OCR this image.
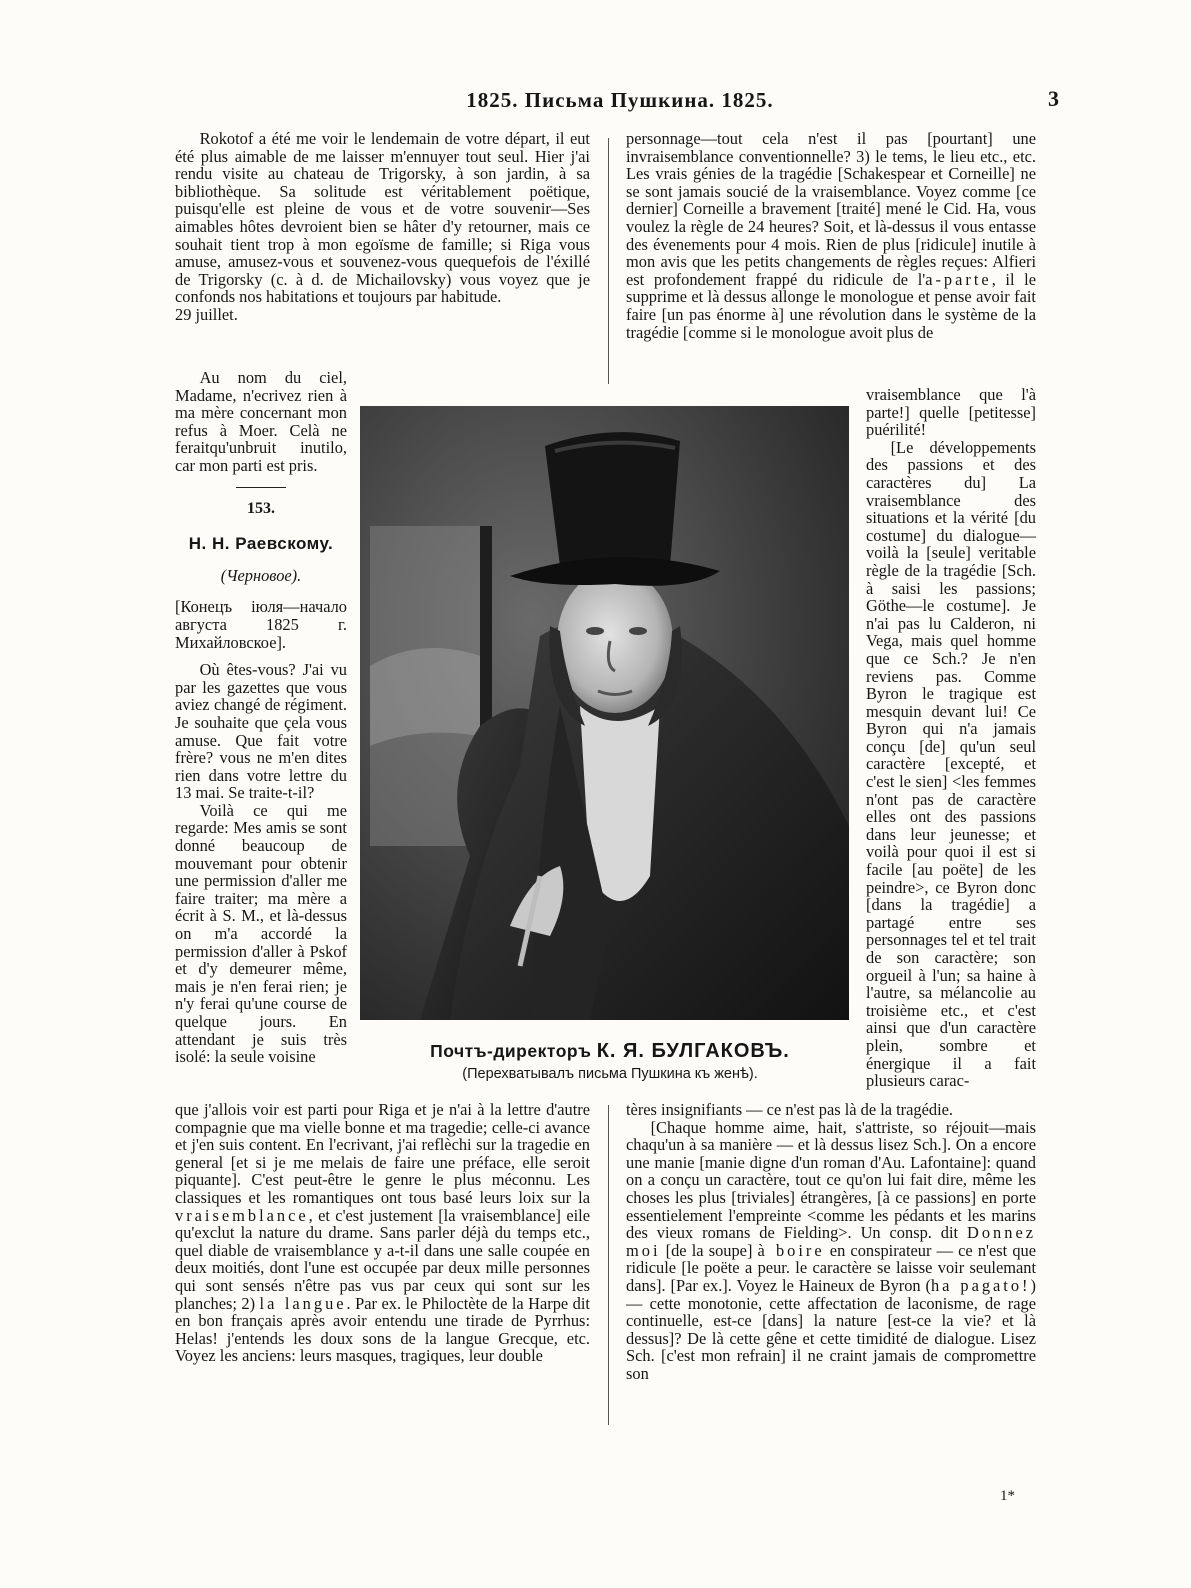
1825. Письма Пушкина. 1825.	3

Rokotof a été me voir le lendemain de votre départ, il eut été plus aimable de me laisser m'ennuyer tout seul. Hier j'ai rendu visite au chateau de Trigorsky, à son jardin, à sa bibliothèque. Sa solitude est véritablement poëtique, puisqu'elle est pleine de vous et de votre souvenir—Ses aimables hôtes devroient bien se hâter d'y retourner, mais ce souhait tient trop à mon egoïsme de famille; si Riga vous amuse, amusez-vous et souvenez-vous quequefois de l'éxillé de Trigorsky (c. à d. de Michailovsky) vous voyez que je confonds nos habitations et toujours par habitude.

29 juillet.

Au nom du ciel, Madame, n'ecrivez rien à ma mère concernant mon refus à Moer. Celà ne feraitqu'unbruit inutilo, car mon parti est pris.

153.
Н. Н. Раевскому.
(Черновое).

[Конецъ іюля—начало августа 1825 г. Михайловское].

Où êtes-vous? J'ai vu par les gazettes que vous aviez changé de régiment. Je souhaite que çela vous amuse. Que fait votre frère? vous ne m'en dites rien dans votre lettre du 13 mai. Se traite-t-il?

Voilà ce qui me regarde: Mes amis se sont donné beaucoup de mouvemant pour obtenir une permission d'aller me faire traiter; ma mère a écrit à S. M., et là-dessus on m'a accordé la permission d'aller à Pskof et d'y demeurer même, mais je n'en ferai rien; je n'y ferai qu'une course de quelque jours. En attendant je suis très isolé: la seule voisine

personnage—tout cela n'est il pas [pourtant] une invraisemblance conventionnelle? 3) le tems, le lieu etc., etc. Les vrais génies de la tragédie [Schakespear et Corneille] ne se sont jamais soucié de la vraisemblance. Voyez comme [ce dernier] Corneille a bravement [traité] mené le Cid. Ha, vous voulez la règle de 24 heures? Soit, et là-dessus il vous entasse des évenements pour 4 mois. Rien de plus [ridicule] inutile à mon avis que les petits changements de règles reçues: Alfieri est profondement frappé du ridicule de l'a-parte, il le supprime et là dessus allonge le monologue et pense avoir fait faire [un pas énorme à] une révolution dans le système de la tragédie [comme si le monologue avoit plus de

vraisemblance que l'à parte!] quelle [petitesse] puérilité!

[Le développements des passions et des caractères du] La vraisemblance des situations et la vérité [du costume] du dialogue—voilà la [seule] veritable règle de la tragédie [Sch. à saisi les passions; Göthe—le costume]. Je n'ai pas lu Calderon, ni Vega, mais quel homme que ce Sch.? Je n'en reviens pas. Comme Byron le tragique est mesquin devant lui! Ce Byron qui n'a jamais conçu [de] qu'un seul caractère [excepté, et c'est le sien] <les femmes n'ont pas de caractère elles ont des passions dans leur jeunesse; et voilà pour quoi il est si facile [au poëte] de les peindre>, ce Byron donc [dans la tragédie] a partagé entre ses personnages tel et tel trait de son caractère; son orgueil à l'un; sa haine à l'autre, sa mélancolie au troisième etc., et c'est ainsi que d'un caractère plein, sombre et énergique il a fait plusieurs carac-

Почтъ-директоръ К. Я. БУЛГАКОВЪ.
(Перехватывалъ письма Пушкина къ женѣ).

que j'allois voir est parti pour Riga et je n'ai à la lettre d'autre compagnie que ma vielle bonne et ma tragedie; celle-ci avance et j'en suis content. En l'ecrivant, j'ai reflèchi sur la tragedie en general [et si je me melais de faire une préface, elle seroit piquante]. C'est peut-être le genre le plus méconnu. Les classiques et les romantiques ont tous basé leurs loix sur la vraisemblance, et c'est justement [la vraisemblance] eile qu'exclut la nature du drame. Sans parler déjà du temps etc., quel diable de vraisemblance y a-t-il dans une salle coupée en deux moitiés, dont l'une est occupée par deux mille personnes qui sont sensés n'être pas vus par ceux qui sont sur les planches; 2) la langue. Par ex. le Philoctète de la Harpe dit en bon français après avoir entendu une tirade de Pyrrhus: Helas! j'entends les doux sons de la langue Grecque, etc. Voyez les anciens: leurs masques, tragiques, leur double

tères insignifiants — ce n'est pas là de la tragédie.

[Chaque homme aime, hait, s'attriste, so réjouit—mais chaqu'un à sa manière — et là dessus lisez Sch.]. On a encore une manie [manie digne d'un roman d'Au. Lafontaine]: quand on a conçu un caractère, tout ce qu'on lui fait dire, même les choses les plus [triviales] étrangères, [à ce passions] en porte essentielement l'empreinte <comme les pédants et les marins des vieux romans de Fielding>. Un consp. dit Donnez moi [de la soupe] à boire en conspirateur — ce n'est que ridicule [le poëte a peur. le caractère se laisse voir seulemant dans]. [Par ex.]. Voyez le Haineux de Byron (ha pagato!) — cette monotonie, cette affectation de laconisme, de rage continuelle, est-ce [dans] la nature [est-ce la vie? et là dessus]? De là cette gêne et cette timidité de dialogue. Lisez Sch. [c'est mon refrain] il ne craint jamais de compromettre son

1*
